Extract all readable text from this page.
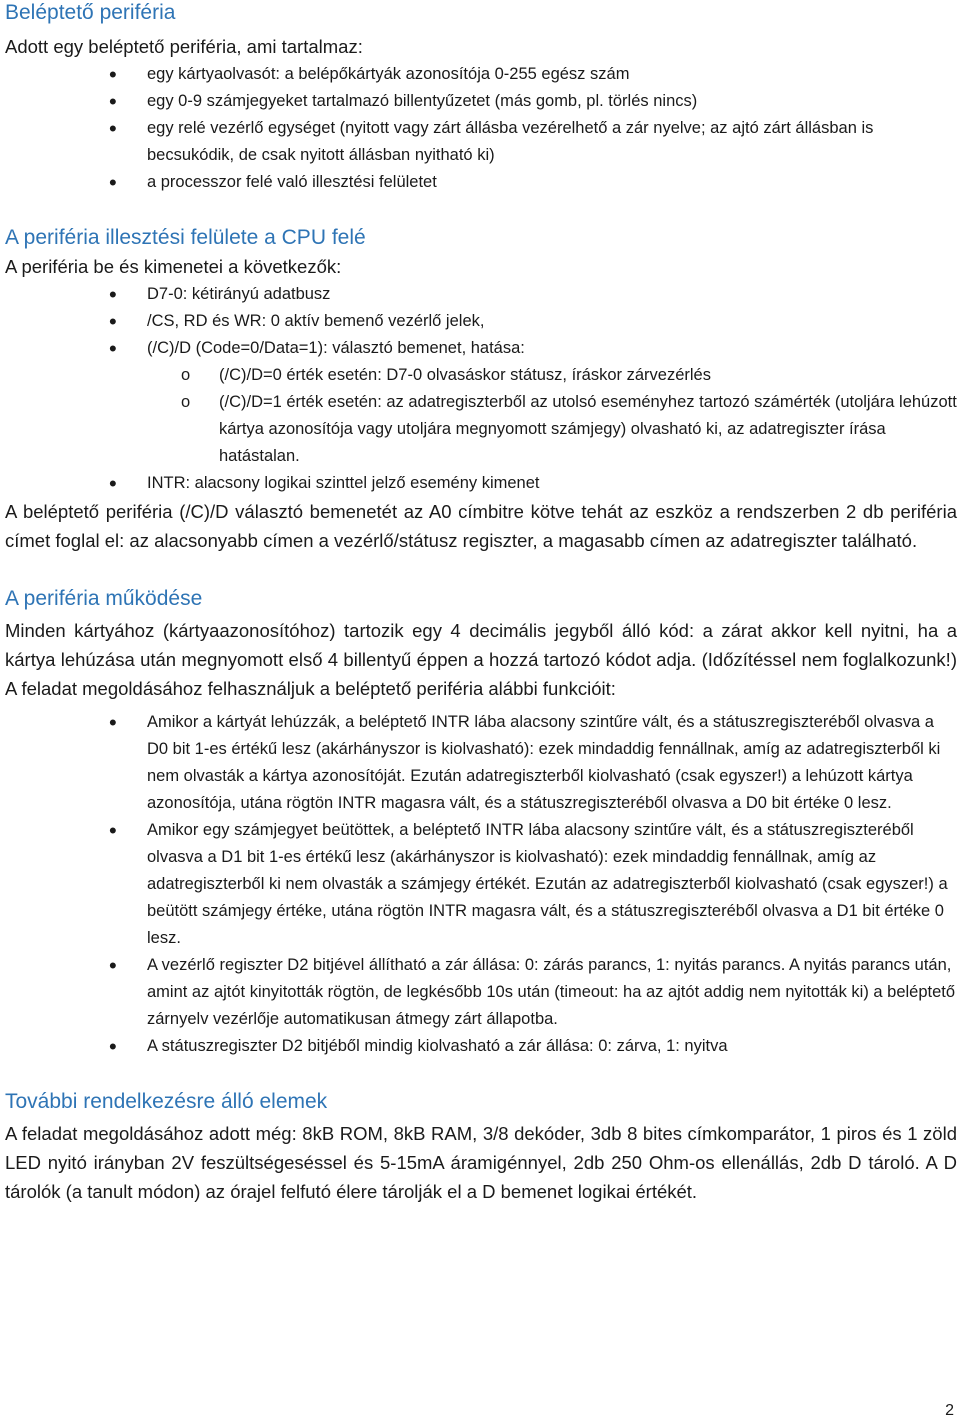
Beléptető periféria

Adott egy beléptető periféria, ami tartalmaz:

• egy kártyaolvasót: a belépőkártyák azonosítója 0-255 egész szám
• egy 0-9 számjegyeket tartalmazó billentyűzetet (más gomb, pl. törlés nincs)
• egy relé vezérlő egységet (nyitott vagy zárt állásba vezérelhető a zár nyelve; az ajtó zárt állásban is becsukódik, de csak nyitott állásban nyitható ki)
• a processzor felé való illesztési felületet
A periféria illesztési felülete a CPU felé

A periféria be és kimenetei a következők:

• D7-0: kétirányú adatbusz
• /CS, RD és WR: 0 aktív bemenő vezérlő jelek,
• (/C)/D (Code=0/Data=1): választó bemenet, hatása:
o (/C)/D=0 érték esetén: D7-0 olvasáskor státusz, íráskor zárvezérlés
o (/C)/D=1 érték esetén: az adatregiszterből az utolsó eseményhez tartozó számérték (utoljára lehúzott kártya azonosítója vagy utoljára megnyomott számjegy) olvasható ki, az adatregiszter írása hatástalan.
• INTR: alacsony logikai szinttel jelző esemény kimenet

A beléptető periféria (/C)/D választó bemenetét az A0 címbitre kötve tehát az eszköz a rendszerben 2 db periféria címet foglal el: az alacsonyabb címen a vezérlő/státusz regiszter, a magasabb címen az adatregiszter található.

A periféria működése

Minden kártyához (kártyaazonosítóhoz) tartozik egy 4 decimális jegyből álló kód: a zárat akkor kell nyitni, ha a kártya lehúzása után megnyomott első 4 billentyű éppen a hozzá tartozó kódot adja. (Időzítéssel nem foglalkozunk!) A feladat megoldásához felhasználjuk a beléptető periféria alábbi funkcióit:

• Amikor a kártyát lehúzzák, a beléptető INTR lába alacsony szintűre vált, és a státuszregiszteréből olvasva a D0 bit 1-es értékű lesz (akárhányszor is kiolvasható): ezek mindaddig fennállnak, amíg az adatregiszterből ki nem olvasták a kártya azonosítóját. Ezután adatregiszterből kiolvasható (csak egyszer!) a lehúzott kártya azonosítója, utána rögtön INTR magasra vált, és a státuszregiszteréből olvasva a D0 bit értéke 0 lesz.
• Amikor egy számjegyet beütöttek, a beléptető INTR lába alacsony szintűre vált, és a státuszregiszteréből olvasva a D1 bit 1-es értékű lesz (akárhányszor is kiolvasható): ezek mindaddig fennállnak, amíg az adatregiszterből ki nem olvasták a számjegy értékét. Ezután az adatregiszterből kiolvasható (csak egyszer!) a beütött számjegy értéke, utána rögtön INTR magasra vált, és a státuszregiszteréből olvasva a D1 bit értéke 0 lesz.
• A vezérlő regiszter D2 bitjével állítható a zár állása: 0: zárás parancs, 1: nyitás parancs. A nyitás parancs után, amint az ajtót kinyitották rögtön, de legkésőbb 10s után (timeout: ha az ajtót addig nem nyitották ki) a beléptető zárnyelv vezérlője automatikusan átmegy zárt állapotba.
• A státuszregiszter D2 bitjéből mindig kiolvasható a zár állása: 0: zárva, 1: nyitva
További rendelkezésre álló elemek

A feladat megoldásához adott még: 8kB ROM, 8kB RAM, 3/8 dekóder, 3db 8 bites címkomparátor, 1 piros és 1 zöld LED nyitó irányban 2V feszültségeséssel és 5-15mA áramigénnyel, 2db 250 Ohm-os ellenállás, 2db D tároló. A D tárolók (a tanult módon) az órajel felfutó élere tárolják el a D bemenet logikai értékét.

2
